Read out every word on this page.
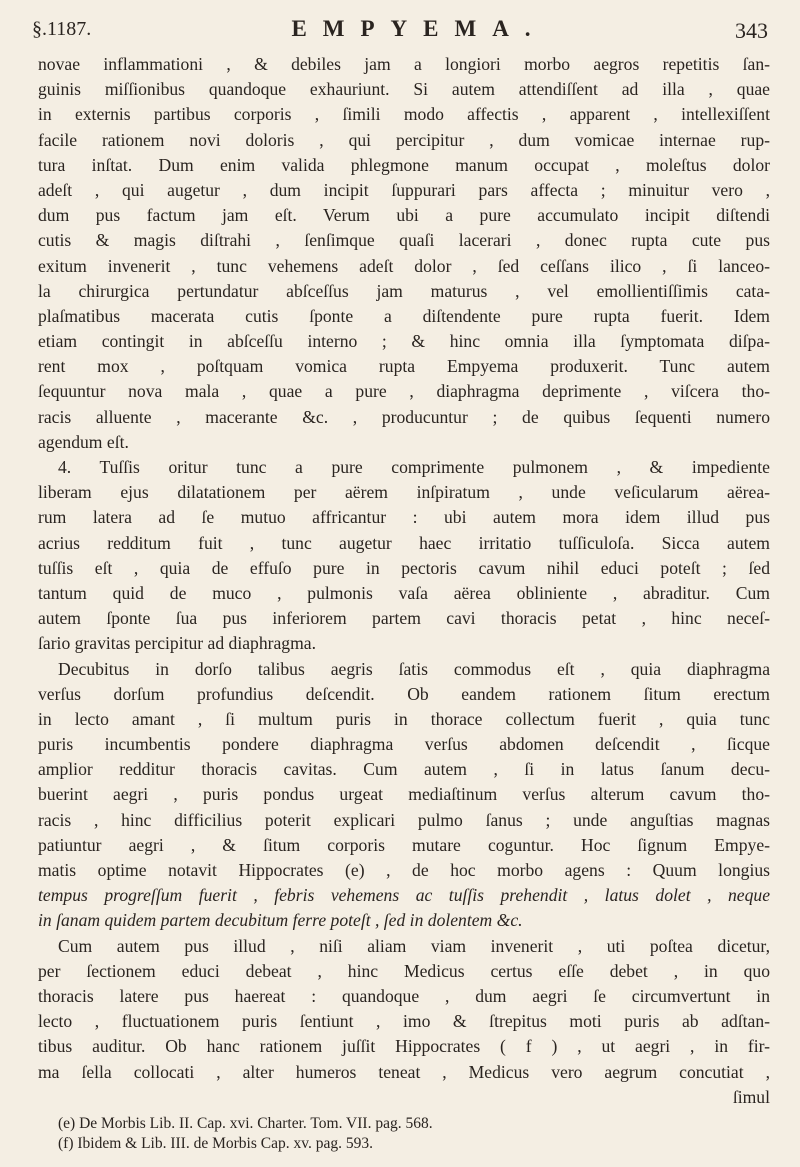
§.1187.	EMPYEMA.	343
novae inflammationi , & debiles jam a longiori morbo aegros repetitis ſan-
guinis miſſionibus quandoque exhauriunt. Si autem attendiſſent ad illa , quae
in externis partibus corporis , ſimili modo affectis , apparent , intellexiſſent
facile rationem novi doloris , qui percipitur , dum vomicae internae rup-
tura inſtat. Dum enim valida phlegmone manum occupat , moleſtus dolor
adeſt , qui augetur , dum incipit ſuppurari pars affecta ; minuitur vero ,
dum pus factum jam eſt. Verum ubi a pure accumulato incipit diſtendi
cutis & magis diſtrahi , ſenſimque quaſi lacerari , donec rupta cute pus
exitum invenerit , tunc vehemens adeſt dolor , ſed ceſſans ilico , ſi lanceo-
la chirurgica pertundatur abſceſſus jam maturus , vel emollientiſſimis cata-
plaſmatibus macerata cutis ſponte a diſtendente pure rupta fuerit. Idem
etiam contingit in abſceſſu interno ; & hinc omnia illa ſymptomata diſpa-
rent mox , poſtquam vomica rupta Empyema produxerit. Tunc autem
ſequuntur nova mala , quae a pure , diaphragma deprimente , viſcera tho-
racis alluente , macerante &c. , producuntur ; de quibus ſequenti numero
agendum eſt.
4. Tuſſis oritur tunc a pure comprimente pulmonem , & impediente
liberam ejus dilatationem per aërem inſpiratum , unde veſicularum aërea-
rum latera ad ſe mutuo affricantur : ubi autem mora idem illud pus
acrius redditum fuit , tunc augetur haec irritatio tuſſiculoſa. Sicca autem
tuſſis eſt , quia de effuſo pure in pectoris cavum nihil educi poteſt ; ſed
tantum quid de muco , pulmonis vaſa aërea obliniente , abraditur. Cum
autem ſponte ſua pus inferiorem partem cavi thoracis petat , hinc neceſ-
ſario gravitas percipitur ad diaphragma.
Decubitus in dorſo talibus aegris ſatis commodus eſt , quia diaphragma
verſus dorſum profundius deſcendit. Ob eandem rationem ſitum erectum
in lecto amant , ſi multum puris in thorace collectum fuerit , quia tunc
puris incumbentis pondere diaphragma verſus abdomen deſcendit , ſicque
amplior redditur thoracis cavitas. Cum autem , ſi in latus ſanum decu-
buerint aegri , puris pondus urgeat mediaſtinum verſus alterum cavum tho-
racis , hinc difficilius poterit explicari pulmo ſanus ; unde anguſtias magnas
patiuntur aegri , & ſitum corporis mutare coguntur. Hoc ſignum Empye-
matis optime notavit Hippocrates (e) , de hoc morbo agens : Quum longius
tempus progreſſum fuerit , febris vehemens ac tuſſis prehendit , latus dolet , neque
in ſanam quidem partem decubitum ferre poteſt , ſed in dolentem &c.
Cum autem pus illud , niſi aliam viam invenerit , uti poſtea dicetur,
per ſectionem educi debeat , hinc Medicus certus eſſe debet , in quo
thoracis latere pus haereat : quandoque , dum aegri ſe circumvertunt in
lecto , fluctuationem puris ſentiunt , imo & ſtrepitus moti puris ab adſtan-
tibus auditur. Ob hanc rationem juſſit Hippocrates ( f ) , ut aegri , in fir-
ma ſella collocati , alter humeros teneat , Medicus vero aegrum concutiat ,
ſimul
(e) De Morbis Lib. II. Cap. xvi. Charter. Tom. VII. pag. 568.
(f) Ibidem & Lib. III. de Morbis Cap. xv. pag. 593.
